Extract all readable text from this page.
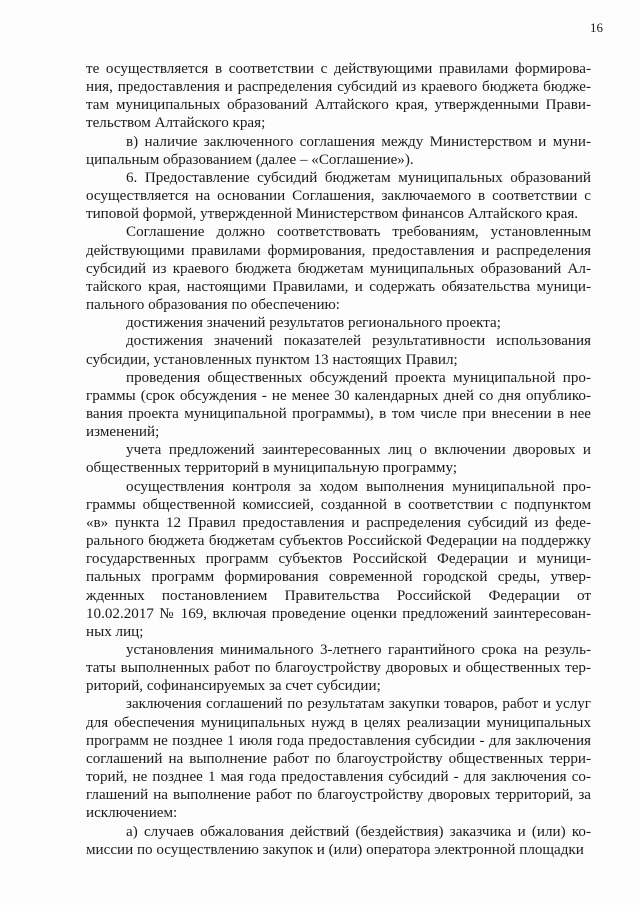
16

те осуществляется в соответствии с действующими правилами формирования, предоставления и распределения субсидий из краевого бюджета бюджетам муниципальных образований Алтайского края, утвержденными Правительством Алтайского края;

в) наличие заключенного соглашения между Министерством и муниципальным образованием (далее – «Соглашение»).

6. Предоставление субсидий бюджетам муниципальных образований осуществляется на основании Соглашения, заключаемого в соответствии с типовой формой, утвержденной Министерством финансов Алтайского края.

Соглашение должно соответствовать требованиям, установленным действующими правилами формирования, предоставления и распределения субсидий из краевого бюджета бюджетам муниципальных образований Алтайского края, настоящими Правилами, и содержать обязательства муниципального образования по обеспечению:

достижения значений результатов регионального проекта;

достижения значений показателей результативности использования субсидии, установленных пунктом 13 настоящих Правил;

проведения общественных обсуждений проекта муниципальной программы (срок обсуждения - не менее 30 календарных дней со дня опубликования проекта муниципальной программы), в том числе при внесении в нее изменений;

учета предложений заинтересованных лиц о включении дворовых и общественных территорий в муниципальную программу;

осуществления контроля за ходом выполнения муниципальной программы общественной комиссией, созданной в соответствии с подпунктом «в» пункта 12 Правил предоставления и распределения субсидий из федерального бюджета бюджетам субъектов Российской Федерации на поддержку государственных программ субъектов Российской Федерации и муниципальных программ формирования современной городской среды, утвержденных постановлением Правительства Российской Федерации от 10.02.2017 № 169, включая проведение оценки предложений заинтересованных лиц;

установления минимального 3-летнего гарантийного срока на результаты выполненных работ по благоустройству дворовых и общественных территорий, софинансируемых за счет субсидии;

заключения соглашений по результатам закупки товаров, работ и услуг для обеспечения муниципальных нужд в целях реализации муниципальных программ не позднее 1 июля года предоставления субсидии - для заключения соглашений на выполнение работ по благоустройству общественных территорий, не позднее 1 мая года предоставления субсидий - для заключения соглашений на выполнение работ по благоустройству дворовых территорий, за исключением:

а) случаев обжалования действий (бездействия) заказчика и (или) комиссии по осуществлению закупок и (или) оператора электронной площадки
